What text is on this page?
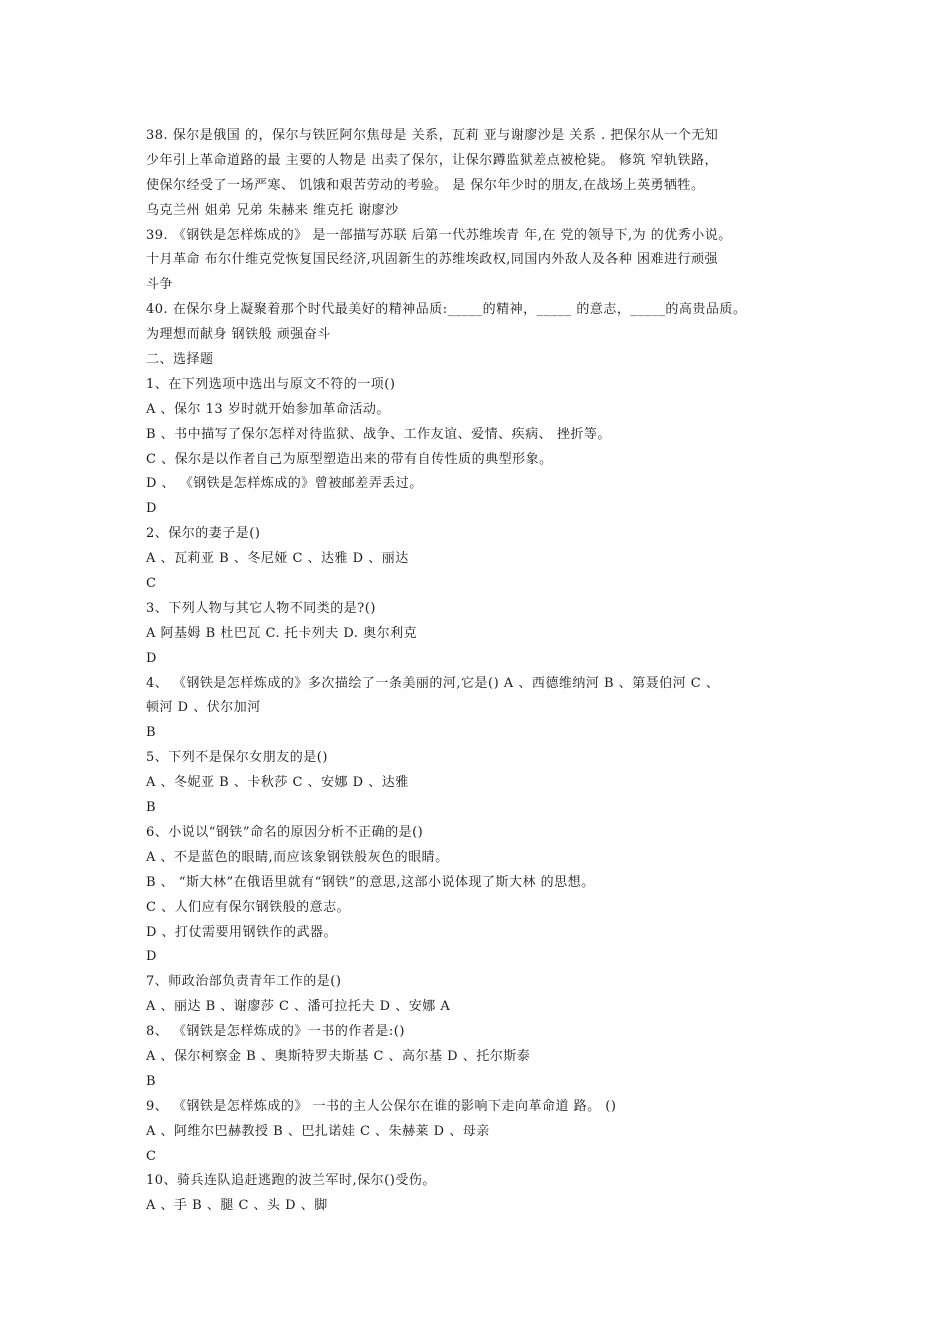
38. 保尔是俄国 的，保尔与铁匠阿尔焦母是 关系，瓦莉 亚与谢廖沙是 关系 . 把保尔从一个无知
少年引上革命道路的最 主要的人物是 出卖了保尔，让保尔蹲监狱差点被枪毙。 修筑 窄轨铁路，
使保尔经受了一场严寒、 饥饿和艰苦劳动的考验。 是 保尔年少时的朋友,在战场上英勇牺牲。
乌克兰州 姐弟 兄弟 朱赫来 维克托 谢廖沙
39. 《钢铁是怎样炼成的》 是一部描写苏联 后第一代苏维埃青 年,在 党的领导下,为 的优秀小说。
十月革命 布尔什维克党恢复国民经济,巩固新生的苏维埃政权,同国内外敌人及各种 困难进行顽强
斗争
40. 在保尔身上凝聚着那个时代最美好的精神品质:_____的精神，_____ 的意志，_____的高贵品质。
为理想而献身 钢铁般 顽强奋斗
二、选择题
1、在下列选项中选出与原文不符的一项()
A 、保尔 13 岁时就开始参加革命活动。
B 、书中描写了保尔怎样对待监狱、战争、工作友谊、爱情、疾病、 挫折等。
C 、保尔是以作者自己为原型塑造出来的带有自传性质的典型形象。
D 、 《钢铁是怎样炼成的》曾被邮差弄丢过。
D
2、保尔的妻子是()
A 、瓦莉亚 B 、冬尼娅 C 、达雅 D 、丽达
C
3、下列人物与其它人物不同类的是?()
A 阿基姆 B 杜巴瓦 C. 托卡列夫 D. 奥尔利克
D
4、 《钢铁是怎样炼成的》多次描绘了一条美丽的河,它是() A 、西德维纳河 B 、第聂伯河 C 、
顿河 D 、伏尔加河
B
5、下列不是保尔女朋友的是()
A 、冬妮亚 B 、卡秋莎 C 、安娜 D 、达雅
B
6、小说以“钢铁”命名的原因分析不正确的是()
A 、不是蓝色的眼睛,而应该象钢铁般灰色的眼睛。
B 、 “斯大林”在俄语里就有“钢铁”的意思,这部小说体现了斯大林 的思想。
C 、人们应有保尔钢铁般的意志。
D 、打仗需要用钢铁作的武器。
D
7、师政治部负责青年工作的是()
A 、丽达 B 、谢廖莎 C 、潘可拉托夫 D 、安娜 A
8、 《钢铁是怎样炼成的》一书的作者是:()
A 、保尔柯察金 B 、奥斯特罗夫斯基 C 、高尔基 D 、托尔斯泰
B
9、 《钢铁是怎样炼成的》 一书的主人公保尔在谁的影响下走向革命道 路。 ()
A 、阿维尔巴赫教授 B 、巴扎诺娃 C 、朱赫莱 D 、母亲
C
10、骑兵连队追赶逃跑的波兰军时,保尔()受伤。
A 、手 B 、腿 C 、头 D 、脚
